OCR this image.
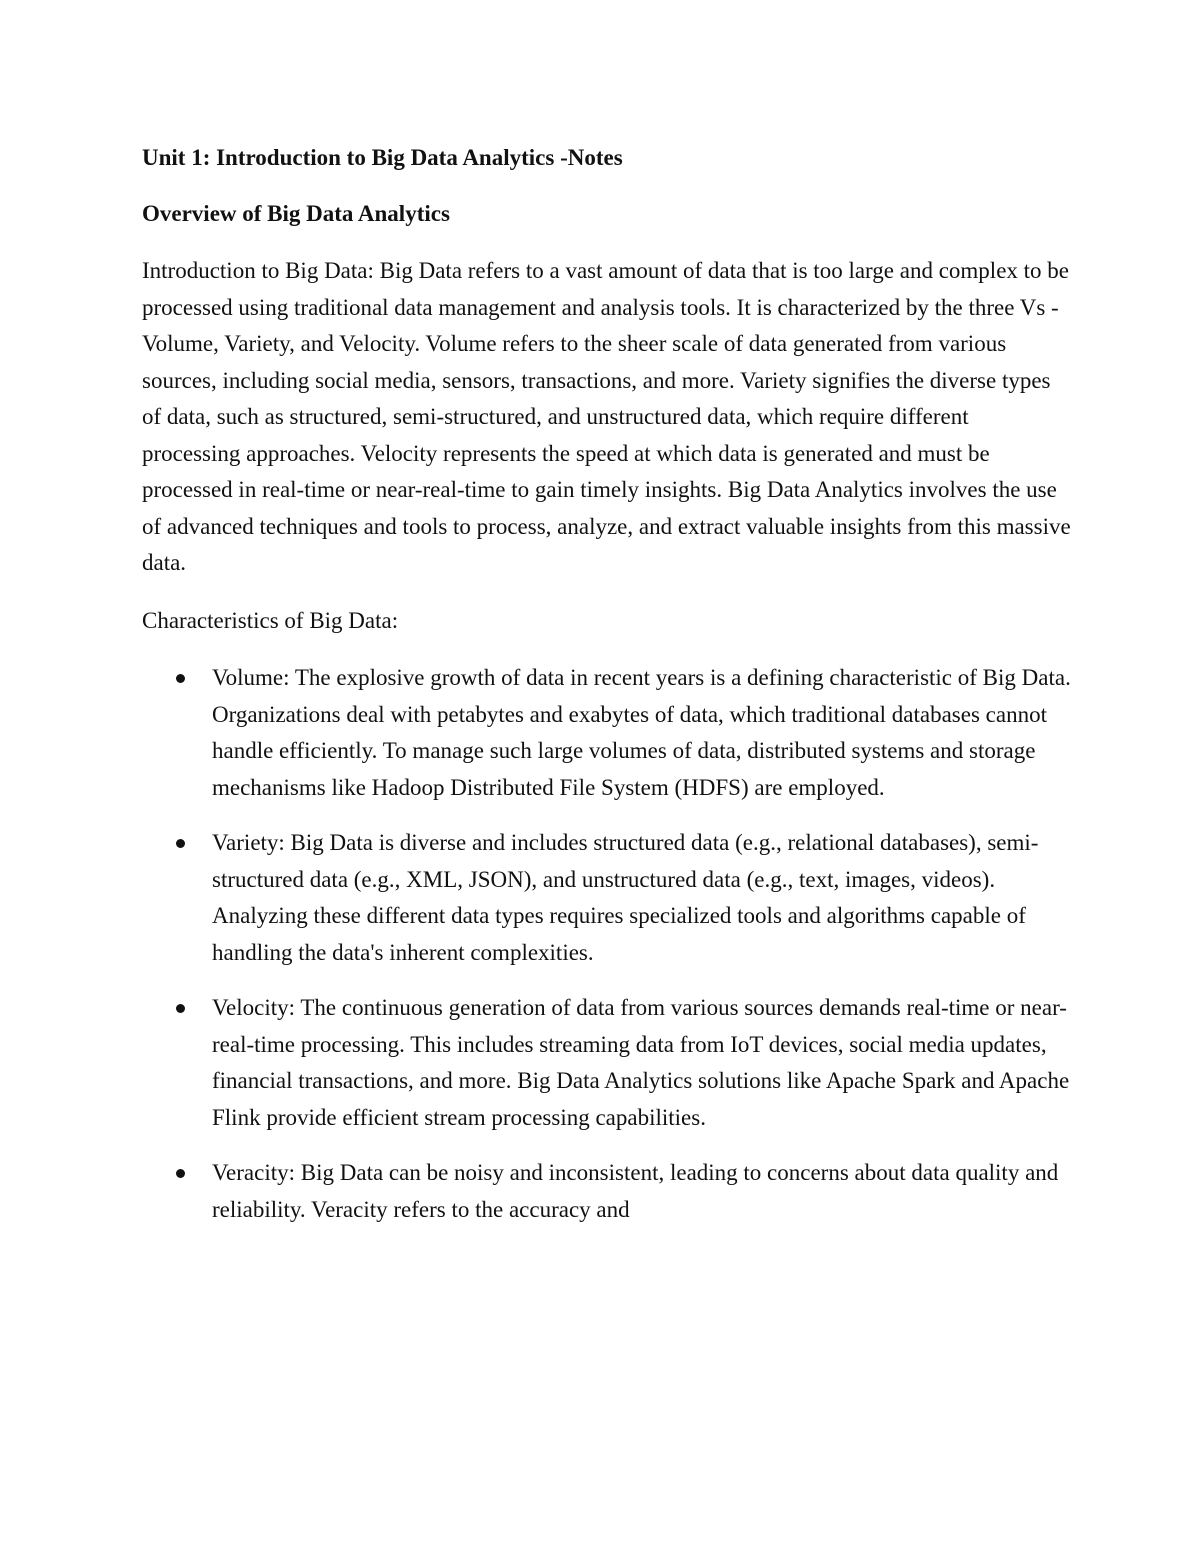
Unit 1: Introduction to Big Data Analytics -Notes
Overview of Big Data Analytics

Introduction to Big Data: Big Data refers to a vast amount of data that is too large and complex to be processed using traditional data management and analysis tools. It is characterized by the three Vs - Volume, Variety, and Velocity. Volume refers to the sheer scale of data generated from various sources, including social media, sensors, transactions, and more. Variety signifies the diverse types of data, such as structured, semi-structured, and unstructured data, which require different processing approaches. Velocity represents the speed at which data is generated and must be processed in real-time or near-real-time to gain timely insights. Big Data Analytics involves the use of advanced techniques and tools to process, analyze, and extract valuable insights from this massive data.

Characteristics of Big Data:

Volume: The explosive growth of data in recent years is a defining characteristic of Big Data. Organizations deal with petabytes and exabytes of data, which traditional databases cannot handle efficiently. To manage such large volumes of data, distributed systems and storage mechanisms like Hadoop Distributed File System (HDFS) are employed.
Variety: Big Data is diverse and includes structured data (e.g., relational databases), semi-structured data (e.g., XML, JSON), and unstructured data (e.g., text, images, videos). Analyzing these different data types requires specialized tools and algorithms capable of handling the data's inherent complexities.
Velocity: The continuous generation of data from various sources demands real-time or near-real-time processing. This includes streaming data from IoT devices, social media updates, financial transactions, and more. Big Data Analytics solutions like Apache Spark and Apache Flink provide efficient stream processing capabilities.
Veracity: Big Data can be noisy and inconsistent, leading to concerns about data quality and reliability. Veracity refers to the accuracy and
